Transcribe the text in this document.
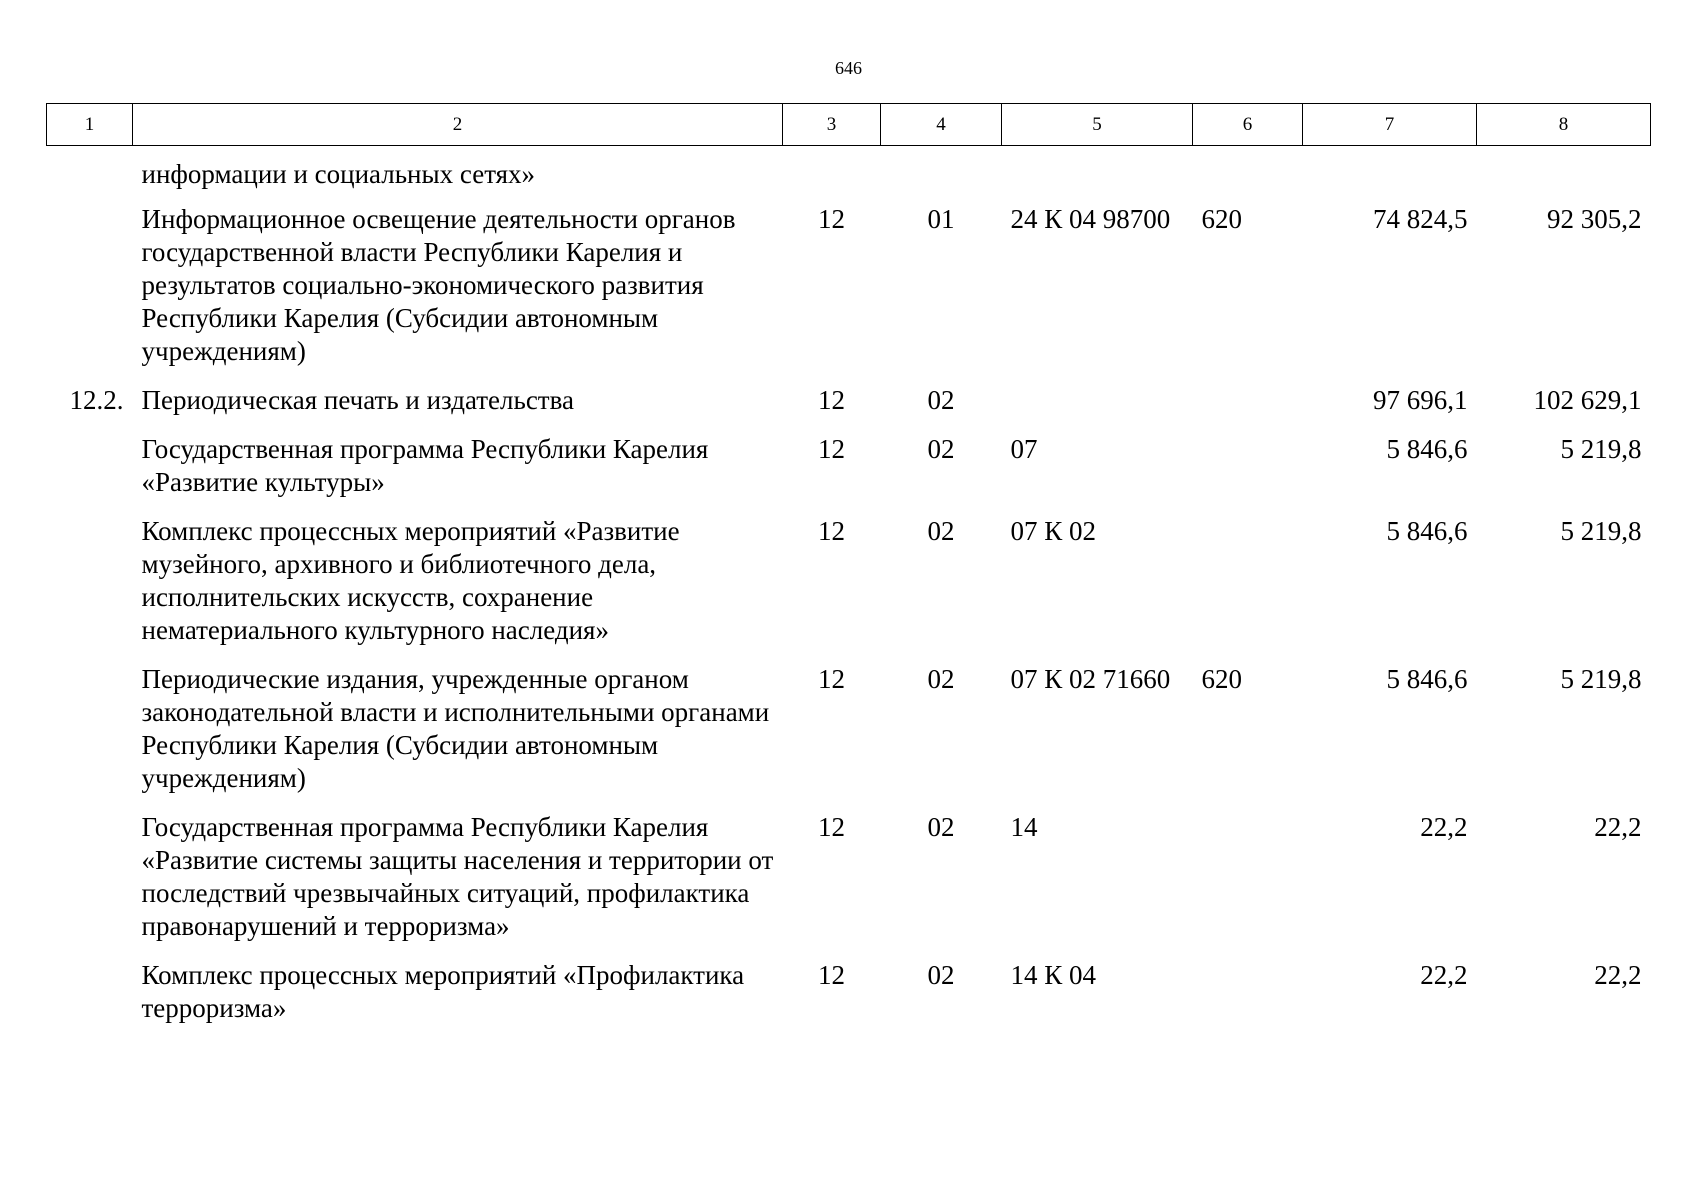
646
1	2	3	4	5	6	7	8
	информации и социальных сетях»						
	Информационное освещение деятельности органов государственной власти Республики Карелия и результатов социально-экономического развития Республики Карелия (Субсидии автономным учреждениям)	12	01	24 К 04 98700	620	74 824,5	92 305,2
12.2.	Периодическая печать и издательства	12	02			97 696,1	102 629,1
	Государственная программа Республики Карелия «Развитие культуры»	12	02	07		5 846,6	5 219,8
	Комплекс процессных мероприятий «Развитие музейного, архивного и библиотечного дела, исполнительских искусств, сохранение нематериального культурного наследия»	12	02	07 К 02		5 846,6	5 219,8
	Периодические издания, учрежденные органом законодательной власти и исполнительными органами Республики Карелия (Субсидии автономным учреждениям)	12	02	07 К 02 71660	620	5 846,6	5 219,8
	Государственная программа Республики Карелия «Развитие системы защиты населения и территории от последствий чрезвычайных ситуаций, профилактика правонарушений и терроризма»	12	02	14		22,2	22,2
	Комплекс процессных мероприятий «Профилактика терроризма»	12	02	14 К 04		22,2	22,2
